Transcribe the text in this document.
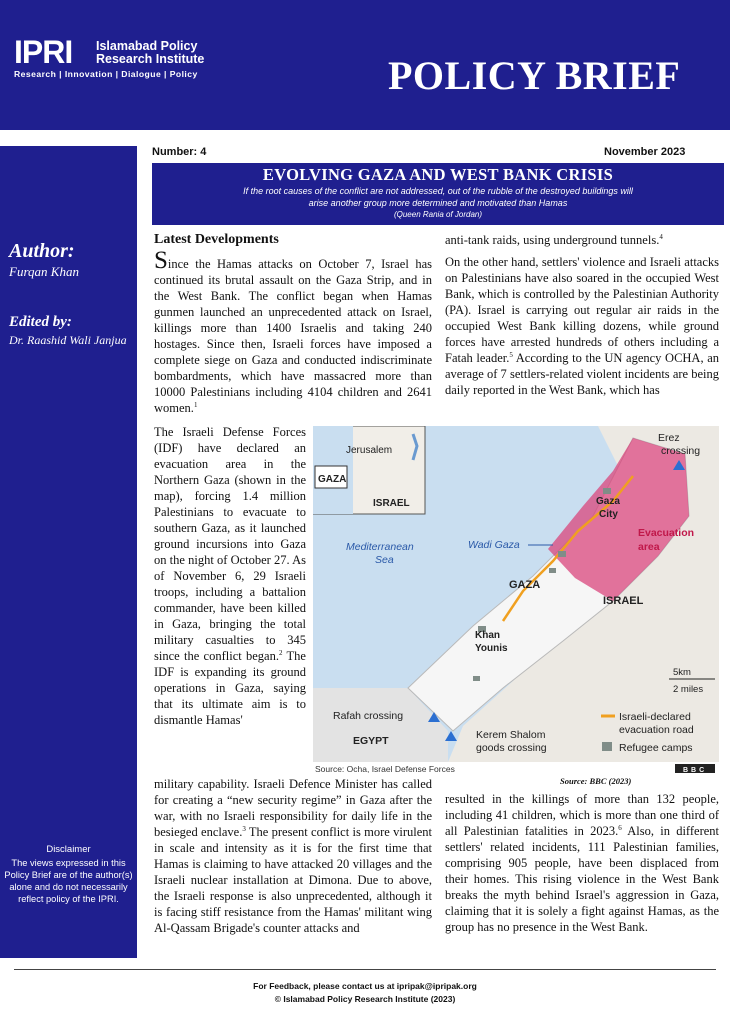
IPRI Islamabad Policy
Research Institute
Research | Innovation | Dialogue | Policy	POLICY BRIEF
Author:
Furqan Khan
Edited by:
Dr. Raashid Wali Janjua
Disclaimer
The views expressed in this Policy Brief are of the author(s) alone and do not necessarily reflect policy of the IPRI.
Number: 4	November 2023
EVOLVING GAZA AND WEST BANK CRISIS
If the root causes of the conflict are not addressed, out of the rubble of the destroyed buildings will
arise another group more determined and motivated than Hamas
(Queen Rania of Jordan)
Latest Developments
Since the Hamas attacks on October 7, Israel has continued its brutal assault on the Gaza Strip, and in the West Bank. The conflict began when Hamas gunmen launched an unprecedented attack on Israel, killings more than 1400 Israelis and taking 240 hostages. Since then, Israeli forces have imposed a complete siege on Gaza and conducted indiscriminate bombardments, which have massacred more than 10000 Palestinians including 4104 children and 2641 women.$^1$
The Israeli Defense Forces (IDF) have declared an evacuation area in the Northern Gaza (shown in the map), forcing 1.4 million Palestinians to evacuate to southern Gaza, as it launched ground incursions into Gaza on the night of October 27. As of November 6, 29 Israeli troops, including a battalion commander, have been killed in Gaza, bringing the total military casualties to 345 since the conflict began.$^2$ The IDF is expanding its ground operations in Gaza, saying that its ultimate aim is to dismantle Hamas'
military capability. Israeli Defence Minister has called for creating a “new security regime” in Gaza after the war, with no Israeli responsibility for daily life in the besieged enclave.$^3$ The present conflict is more virulent in scale and intensity as it is for the first time that Hamas is claiming to have attacked 20 villages and the Israeli nuclear installation at Dimona. Due to above, the Israeli response is also unprecedented, although it is facing stiff resistance from the Hamas' militant wing Al-Qassam Brigade's counter attacks and
anti-tank raids, using underground tunnels.$^4$
On the other hand, settlers' violence and Israeli attacks on Palestinians have also soared in the occupied West Bank, which is controlled by the Palestinian Authority (PA). Israel is carrying out regular air raids in the occupied West Bank killing dozens, while ground forces have arrested hundreds of others including a Fatah leader.$^5$ According to the UN agency OCHA, an average of 7 settlers-related violent incidents are being daily reported in the West Bank, which has
resulted in the killings of more than 132 people, including 41 children, which is more than one third of all Palestinian fatalities in 2023.$^6$ Also, in different settlers' related incidents, 111 Palestinian families, comprising 905 people, have been displaced from their homes. This rising violence in the West Bank breaks the myth behind Israel's aggression in Gaza, claiming that it is solely a fight against Hamas, as the group has no presence in the West Bank.
Jerusalem
GAZA
ISRAEL
Mediterranean
Sea
Erez
crossing
Gaza
City
Evacuation
area
Wadi Gaza
GAZA
ISRAEL
Khan
Younis
5km
2 miles
Rafah crossing
EGYPT	Kerem Shalom
goods crossing
Israeli-declared
evacuation road
Refugee camps
Source: Ocha, Israel Defense Forces	BBC
Source: BBC (2023)
For Feedback, please contact us at ipripak@ipripak.org
© Islamabad Policy Research Institute (2023)
